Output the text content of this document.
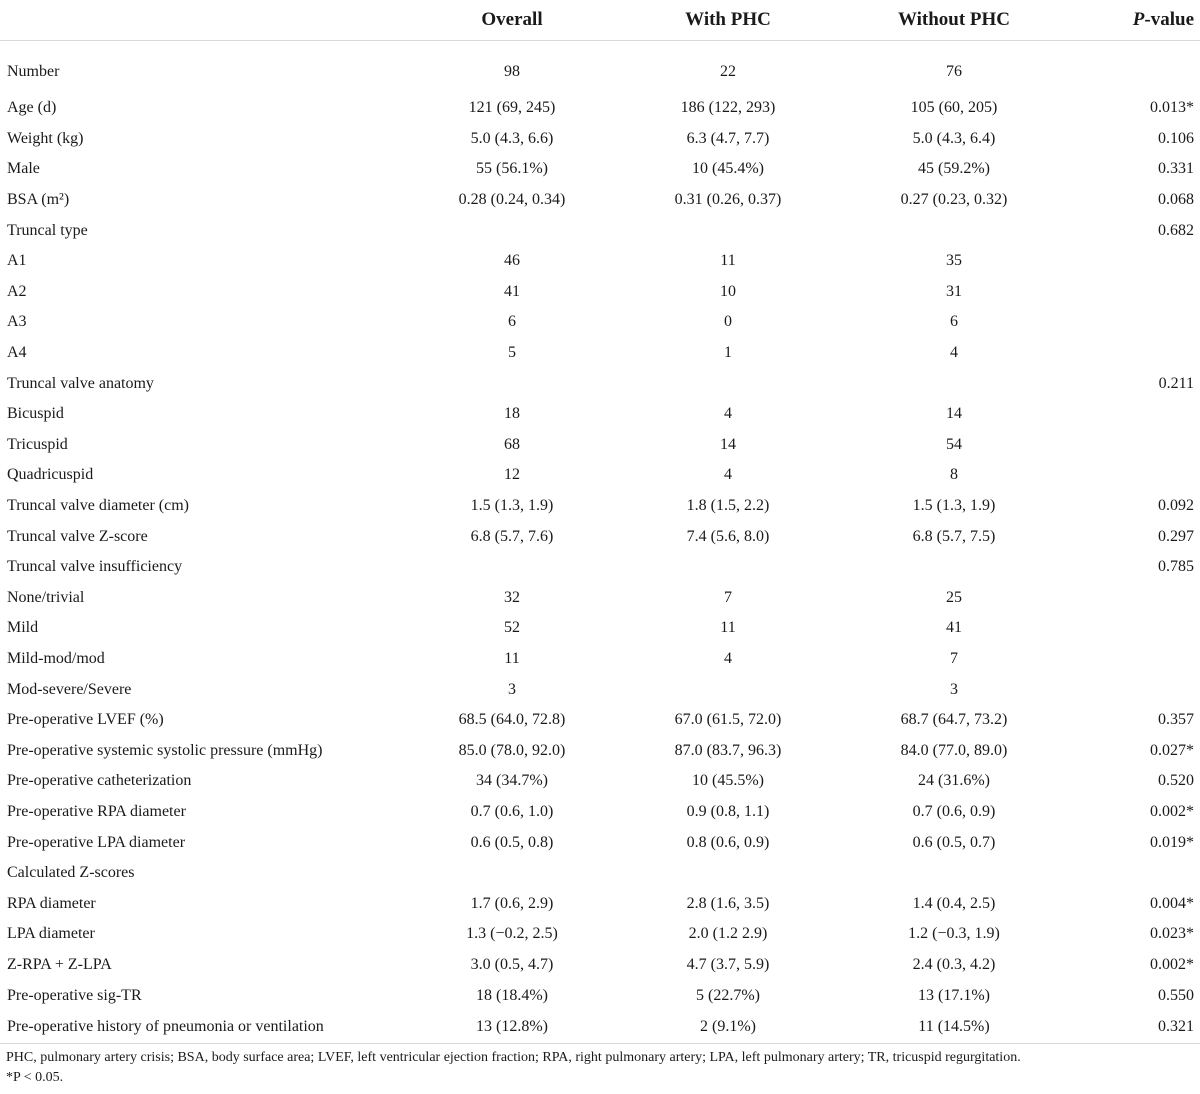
	Overall	With PHC	Without PHC	P-value
Number	98	22	76	
Age (d)	121 (69, 245)	186 (122, 293)	105 (60, 205)	0.013*
Weight (kg)	5.0 (4.3, 6.6)	6.3 (4.7, 7.7)	5.0 (4.3, 6.4)	0.106
Male	55 (56.1%)	10 (45.4%)	45 (59.2%)	0.331
BSA (m²)	0.28 (0.24, 0.34)	0.31 (0.26, 0.37)	0.27 (0.23, 0.32)	0.068
Truncal type				0.682
A1	46	11	35	
A2	41	10	31	
A3	6	0	6	
A4	5	1	4	
Truncal valve anatomy				0.211
Bicuspid	18	4	14	
Tricuspid	68	14	54	
Quadricuspid	12	4	8	
Truncal valve diameter (cm)	1.5 (1.3, 1.9)	1.8 (1.5, 2.2)	1.5 (1.3, 1.9)	0.092
Truncal valve Z-score	6.8 (5.7, 7.6)	7.4 (5.6, 8.0)	6.8 (5.7, 7.5)	0.297
Truncal valve insufficiency				0.785
None/trivial	32	7	25	
Mild	52	11	41	
Mild-mod/mod	11	4	7	
Mod-severe/Severe	3		3	
Pre-operative LVEF (%)	68.5 (64.0, 72.8)	67.0 (61.5, 72.0)	68.7 (64.7, 73.2)	0.357
Pre-operative systemic systolic pressure (mmHg)	85.0 (78.0, 92.0)	87.0 (83.7, 96.3)	84.0 (77.0, 89.0)	0.027*
Pre-operative catheterization	34 (34.7%)	10 (45.5%)	24 (31.6%)	0.520
Pre-operative RPA diameter	0.7 (0.6, 1.0)	0.9 (0.8, 1.1)	0.7 (0.6, 0.9)	0.002*
Pre-operative LPA diameter	0.6 (0.5, 0.8)	0.8 (0.6, 0.9)	0.6 (0.5, 0.7)	0.019*
Calculated Z-scores				
RPA diameter	1.7 (0.6, 2.9)	2.8 (1.6, 3.5)	1.4 (0.4, 2.5)	0.004*
LPA diameter	1.3 (−0.2, 2.5)	2.0 (1.2 2.9)	1.2 (−0.3, 1.9)	0.023*
Z-RPA + Z-LPA	3.0 (0.5, 4.7)	4.7 (3.7, 5.9)	2.4 (0.3, 4.2)	0.002*
Pre-operative sig-TR	18 (18.4%)	5 (22.7%)	13 (17.1%)	0.550
Pre-operative history of pneumonia or ventilation	13 (12.8%)	2 (9.1%)	11 (14.5%)	0.321

PHC, pulmonary artery crisis; BSA, body surface area; LVEF, left ventricular ejection fraction; RPA, right pulmonary artery; LPA, left pulmonary artery; TR, tricuspid regurgitation.

*P < 0.05.
